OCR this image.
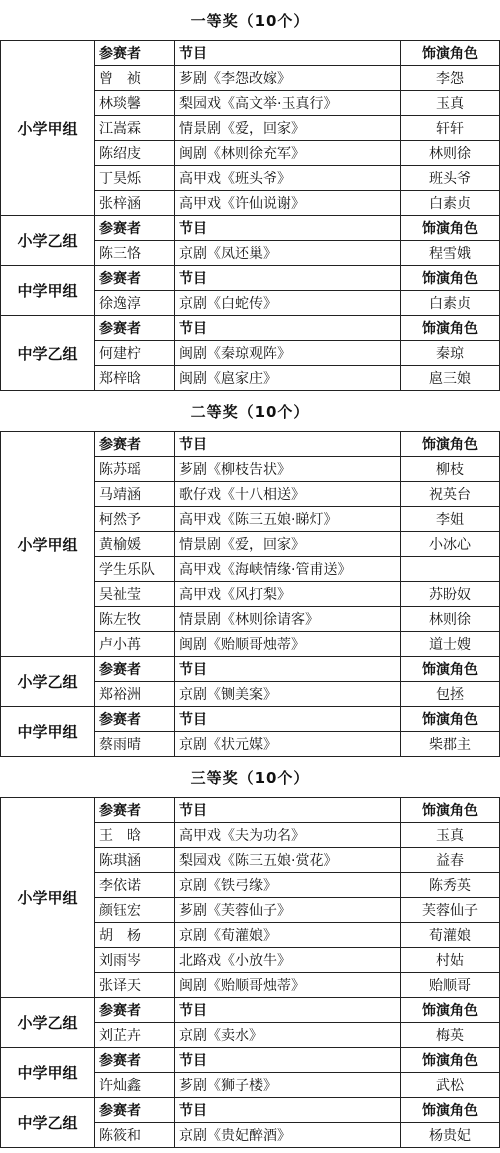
一等奖（10个）
小学甲组	参赛者	节目	饰演角色
	曾　祯	芗剧《李怨改嫁》	李怨
	林琰馨	梨园戏《高文举·玉真行》	玉真
	江嵩霖	情景剧《爱，回家》	轩轩
	陈绍庋	闽剧《林则徐充军》	林则徐
	丁昊烁	高甲戏《班头爷》	班头爷
	张梓涵	高甲戏《许仙说谢》	白素贞
小学乙组	参赛者	节目	饰演角色
	陈三恪	京剧《凤还巢》	程雪娥
中学甲组	参赛者	节目	饰演角色
	徐逸淳	京剧《白蛇传》	白素贞
中学乙组	参赛者	节目	饰演角色
	何建柠	闽剧《秦琼观阵》	秦琼
	郑梓晗	闽剧《扈家庄》	扈三娘
二等奖（10个）
小学甲组	参赛者	节目	饰演角色
	陈苏瑶	芗剧《柳枝告状》	柳枝
	马靖涵	歌仔戏《十八相送》	祝英台
	柯然予	高甲戏《陈三五娘·睇灯》	李姐
	黄榆媛	情景剧《爱，回家》	小冰心
	学生乐队	高甲戏《海峡情缘·管甫送》	
	吴祉莹	高甲戏《风打梨》	苏盼奴
	陈左牧	情景剧《林则徐请客》	林则徐
	卢小苒	闽剧《贻顺哥烛蒂》	道士嫂
小学乙组	参赛者	节目	饰演角色
	郑裕洲	京剧《铡美案》	包拯
中学甲组	参赛者	节目	饰演角色
	蔡雨晴	京剧《状元媒》	柴郡主
三等奖（10个）
小学甲组	参赛者	节目	饰演角色
	王　晗	高甲戏《夫为功名》	玉真
	陈琪涵	梨园戏《陈三五娘·赏花》	益春
	李依诺	京剧《铁弓缘》	陈秀英
	颜钰宏	芗剧《芙蓉仙子》	芙蓉仙子
	胡　杨	京剧《荀灌娘》	荀灌娘
	刘雨岑	北路戏《小放牛》	村姑
	张译天	闽剧《贻顺哥烛蒂》	贻顺哥
小学乙组	参赛者	节目	饰演角色
	刘芷卉	京剧《卖水》	梅英
中学甲组	参赛者	节目	饰演角色
	许灿鑫	芗剧《狮子楼》	武松
中学乙组	参赛者	节目	饰演角色
	陈筱和	京剧《贵妃醉酒》	杨贵妃
